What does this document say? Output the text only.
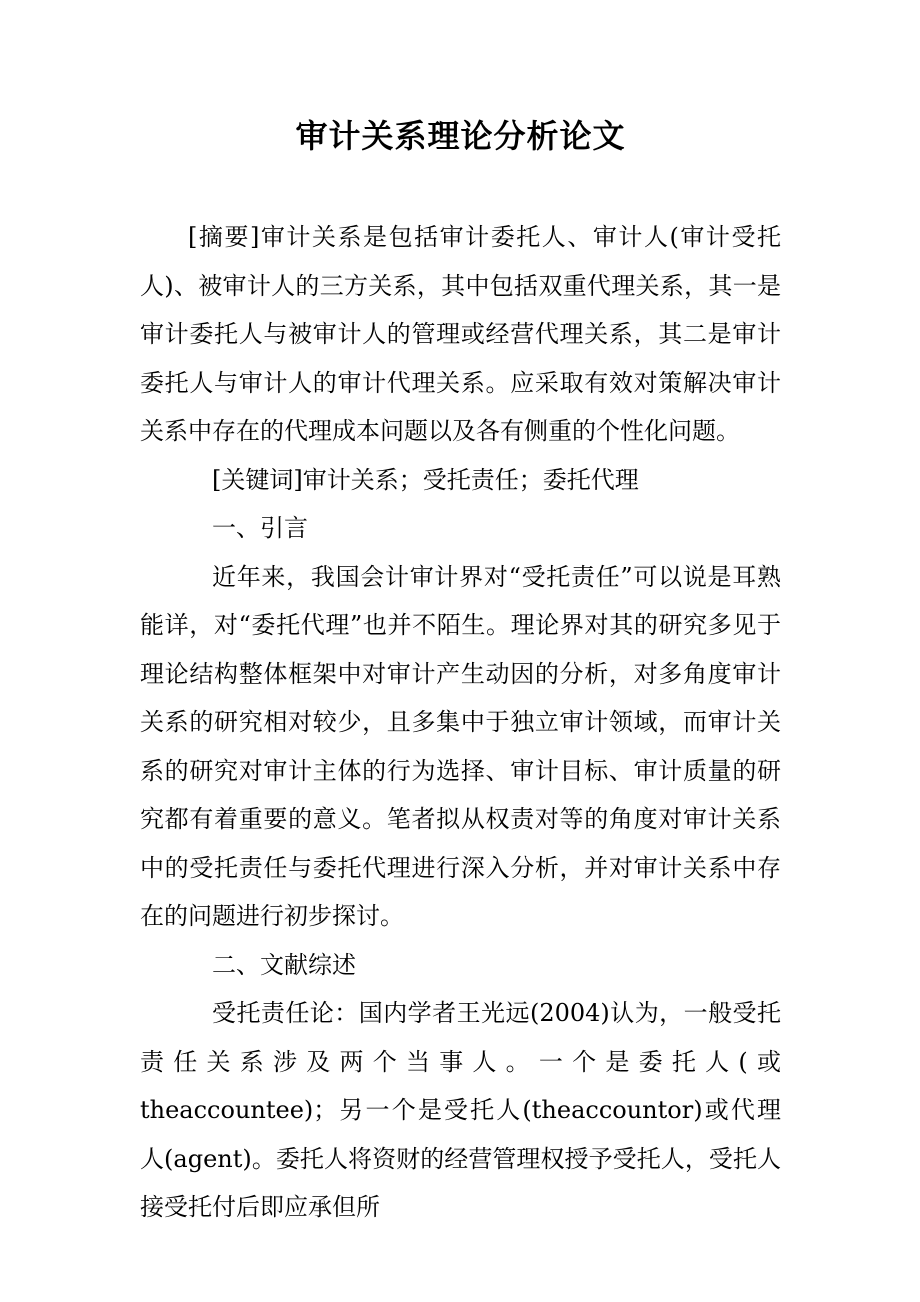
审计关系理论分析论文

[摘要]审计关系是包括审计委托人、审计人(审计受托人)、被审计人的三方关系，其中包括双重代理关系，其一是审计委托人与被审计人的管理或经营代理关系，其二是审计委托人与审计人的审计代理关系。应采取有效对策解决审计关系中存在的代理成本问题以及各有侧重的个性化问题。

[关键词]审计关系；受托责任；委托代理

一、引言

近年来，我国会计审计界对“受托责任”可以说是耳熟能详，对“委托代理”也并不陌生。理论界对其的研究多见于理论结构整体框架中对审计产生动因的分析，对多角度审计关系的研究相对较少，且多集中于独立审计领域，而审计关系的研究对审计主体的行为选择、审计目标、审计质量的研究都有着重要的意义。笔者拟从权责对等的角度对审计关系中的受托责任与委托代理进行深入分析，并对审计关系中存在的问题进行初步探讨。

二、文献综述

受托责任论：国内学者王光远(2004)认为，一般受托责任关系涉及两个当事人。一个是委托人(或 theaccountee)；另一个是受托人(theaccountor)或代理人(agent)。委托人将资财的经营管理权授予受托人，受托人接受托付后即应承但所
